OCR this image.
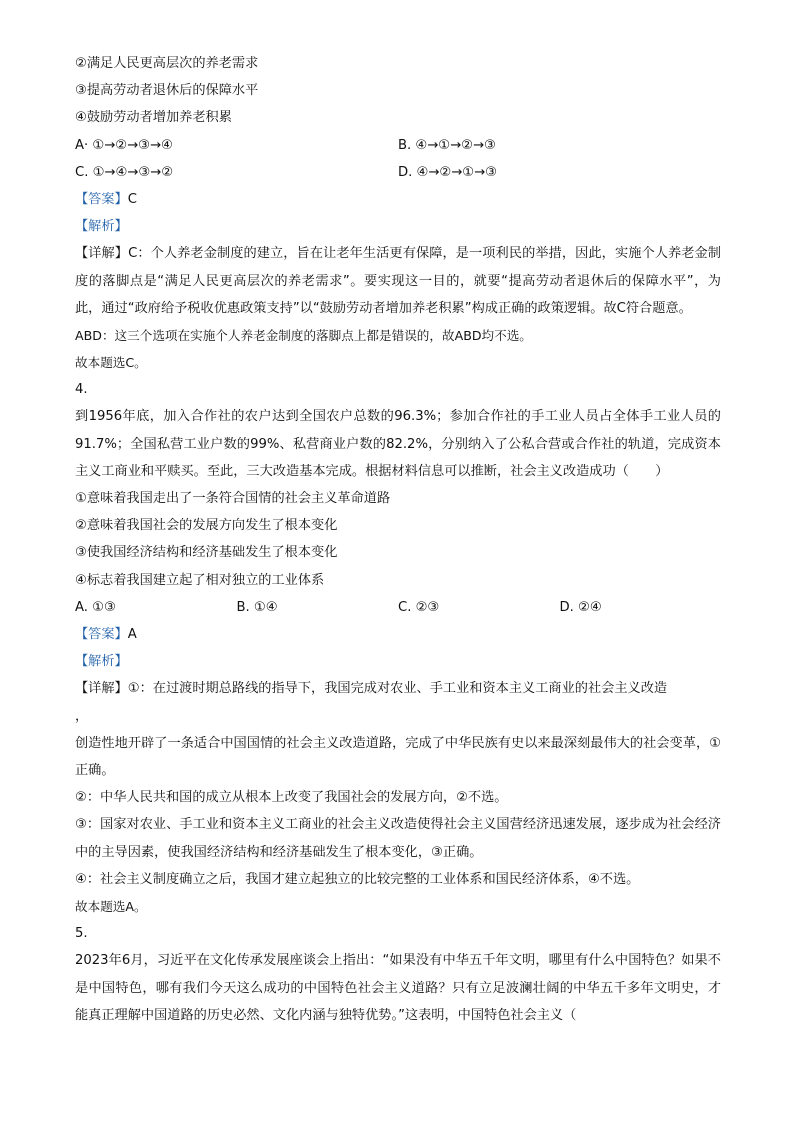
②满足人民更高层次的养老需求
③提高劳动者退休后的保障水平
④鼓励劳动者增加养老积累
A· ①→②→③→④	B. ④→①→②→③
C. ①→④→③→②	D. ④→②→①→③
【答案】C
【解析】
【详解】C：个人养老金制度的建立，旨在让老年生活更有保障，是一项利民的举措，因此，实施个人养老金制度的落脚点是“满足人民更高层次的养老需求”。要实现这一目的，就要“提高劳动者退休后的保障水平”，为此，通过“政府给予税收优惠政策支持”以“鼓励劳动者增加养老积累”构成正确的政策逻辑。故C符合题意。
ABD：这三个选项在实施个人养老金制度的落脚点上都是错误的，故ABD均不选。
故本题选C。
4.
到1956年底，加入合作社的农户达到全国农户总数的96.3%；参加合作社的手工业人员占全体手工业人员的91.7%；全国私营工业户数的99%、私营商业户数的82.2%，分别纳入了公私合营或合作社的轨道，完成资本主义工商业和平赎买。至此，三大改造基本完成。根据材料信息可以推断，社会主义改造成功（　　）
①意味着我国走出了一条符合国情的社会主义革命道路
②意味着我国社会的发展方向发生了根本变化
③使我国经济结构和经济基础发生了根本变化
④标志着我国建立起了相对独立的工业体系
A. ①③	B. ①④	C. ②③	D. ②④
【答案】A
【解析】
【详解】①：在过渡时期总路线的指导下，我国完成对农业、手工业和资本主义工商业的社会主义改造
，
创造性地开辟了一条适合中国国情的社会主义改造道路，完成了中华民族有史以来最深刻最伟大的社会变革，①正确。
②：中华人民共和国的成立从根本上改变了我国社会的发展方向，②不选。
③：国家对农业、手工业和资本主义工商业的社会主义改造使得社会主义国营经济迅速发展，逐步成为社会经济中的主导因素，使我国经济结构和经济基础发生了根本变化，③正确。
④：社会主义制度确立之后，我国才建立起独立的比较完整的工业体系和国民经济体系，④不选。
故本题选A。
5.
2023年6月，习近平在文化传承发展座谈会上指出：“如果没有中华五千年文明，哪里有什么中国特色？如果不是中国特色，哪有我们今天这么成功的中国特色社会主义道路？只有立足波澜壮阔的中华五千多年文明史，才能真正理解中国道路的历史必然、文化内涵与独特优势。”这表明，中国特色社会主义（
